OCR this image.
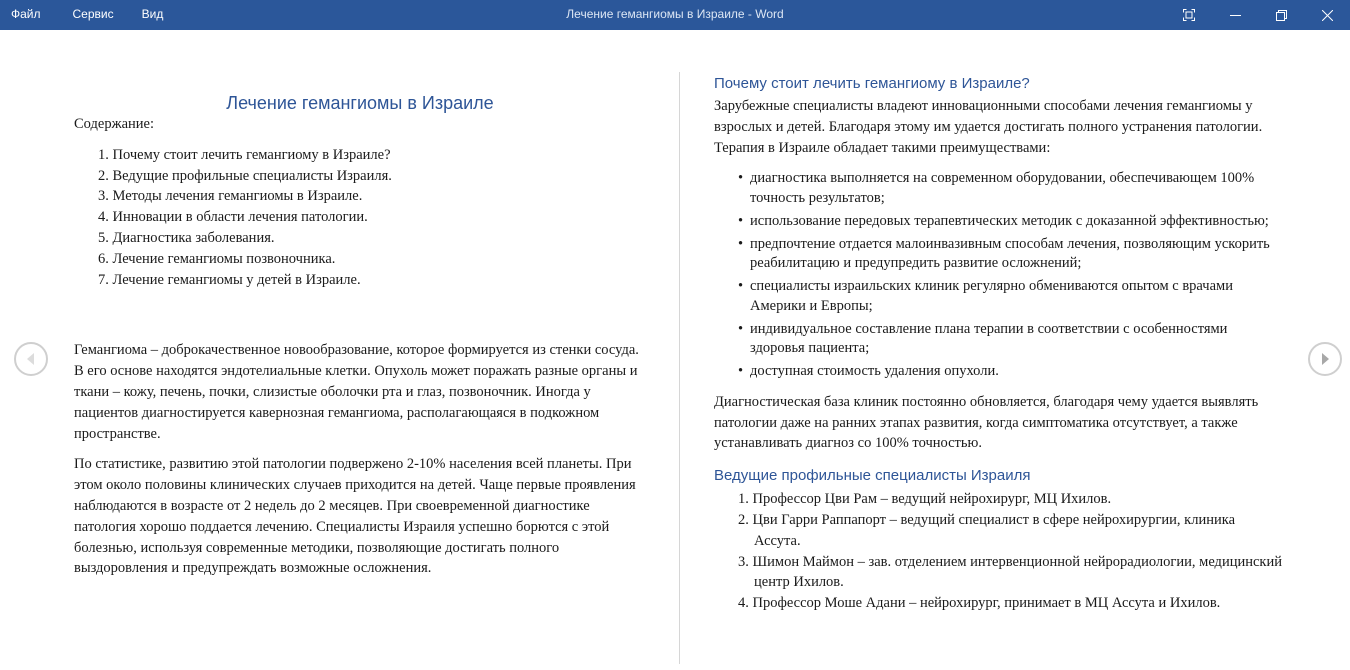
Файл	Сервис Вид	Лечение гемангиомы в Израиле - Word
Лечение гемангиомы в Израиле

Содержание:

1. Почему стоит лечить гемангиому в Израиле?
2. Ведущие профильные специалисты Израиля.
3. Методы лечения гемангиомы в Израиле.
4. Инновации в области лечения патологии.
5. Диагностика заболевания.
6. Лечение гемангиомы позвоночника.
7. Лечение гемангиомы у детей в Израиле.

Гемангиома – доброкачественное новообразование, которое формируется из стенки сосуда. В его основе находятся эндотелиальные клетки. Опухоль может поражать разные органы и ткани – кожу, печень, почки, слизистые оболочки рта и глаз, позвоночник. Иногда у пациентов диагностируется кавернозная гемангиома, располагающаяся в подкожном пространстве.

По статистике, развитию этой патологии подвержено 2-10% населения всей планеты. При этом около половины клинических случаев приходится на детей. Чаще первые проявления наблюдаются в возрасте от 2 недель до 2 месяцев. При своевременной диагностике патология хорошо поддается лечению. Специалисты Израиля успешно борются с этой болезнью, используя современные методики, позволяющие достигать полного выздоровления и предупреждать возможные осложнения.

Почему стоит лечить гемангиому в Израиле?

Зарубежные специалисты владеют инновационными способами лечения гемангиомы у взрослых и детей. Благодаря этому им удается достигать полного устранения патологии. Терапия в Израиле обладает такими преимуществами:

• диагностика выполняется на современном оборудовании, обеспечивающем 100% точность результатов;
• использование передовых терапевтических методик с доказанной эффективностью;
• предпочтение отдается малоинвазивным способам лечения, позволяющим ускорить реабилитацию и предупредить развитие осложнений;
• специалисты израильских клиник регулярно обмениваются опытом с врачами Америки и Европы;
• индивидуальное составление плана терапии в соответствии с особенностями здоровья пациента;
• доступная стоимость удаления опухоли.

Диагностическая база клиник постоянно обновляется, благодаря чему удается выявлять патологии даже на ранних этапах развития, когда симптоматика отсутствует, а также устанавливать диагноз со 100% точностью.

Ведущие профильные специалисты Израиля
1. Профессор Цви Рам – ведущий нейрохирург, МЦ Ихилов.
2. Цви Гарри Раппапорт – ведущий специалист в сфере нейрохирургии, клиника Ассута.
3. Шимон Маймон – зав. отделением интервенционной нейрорадиологии, медицинский центр Ихилов.
4. Профессор Моше Адани – нейрохирург, принимает в МЦ Ассута и Ихилов.
